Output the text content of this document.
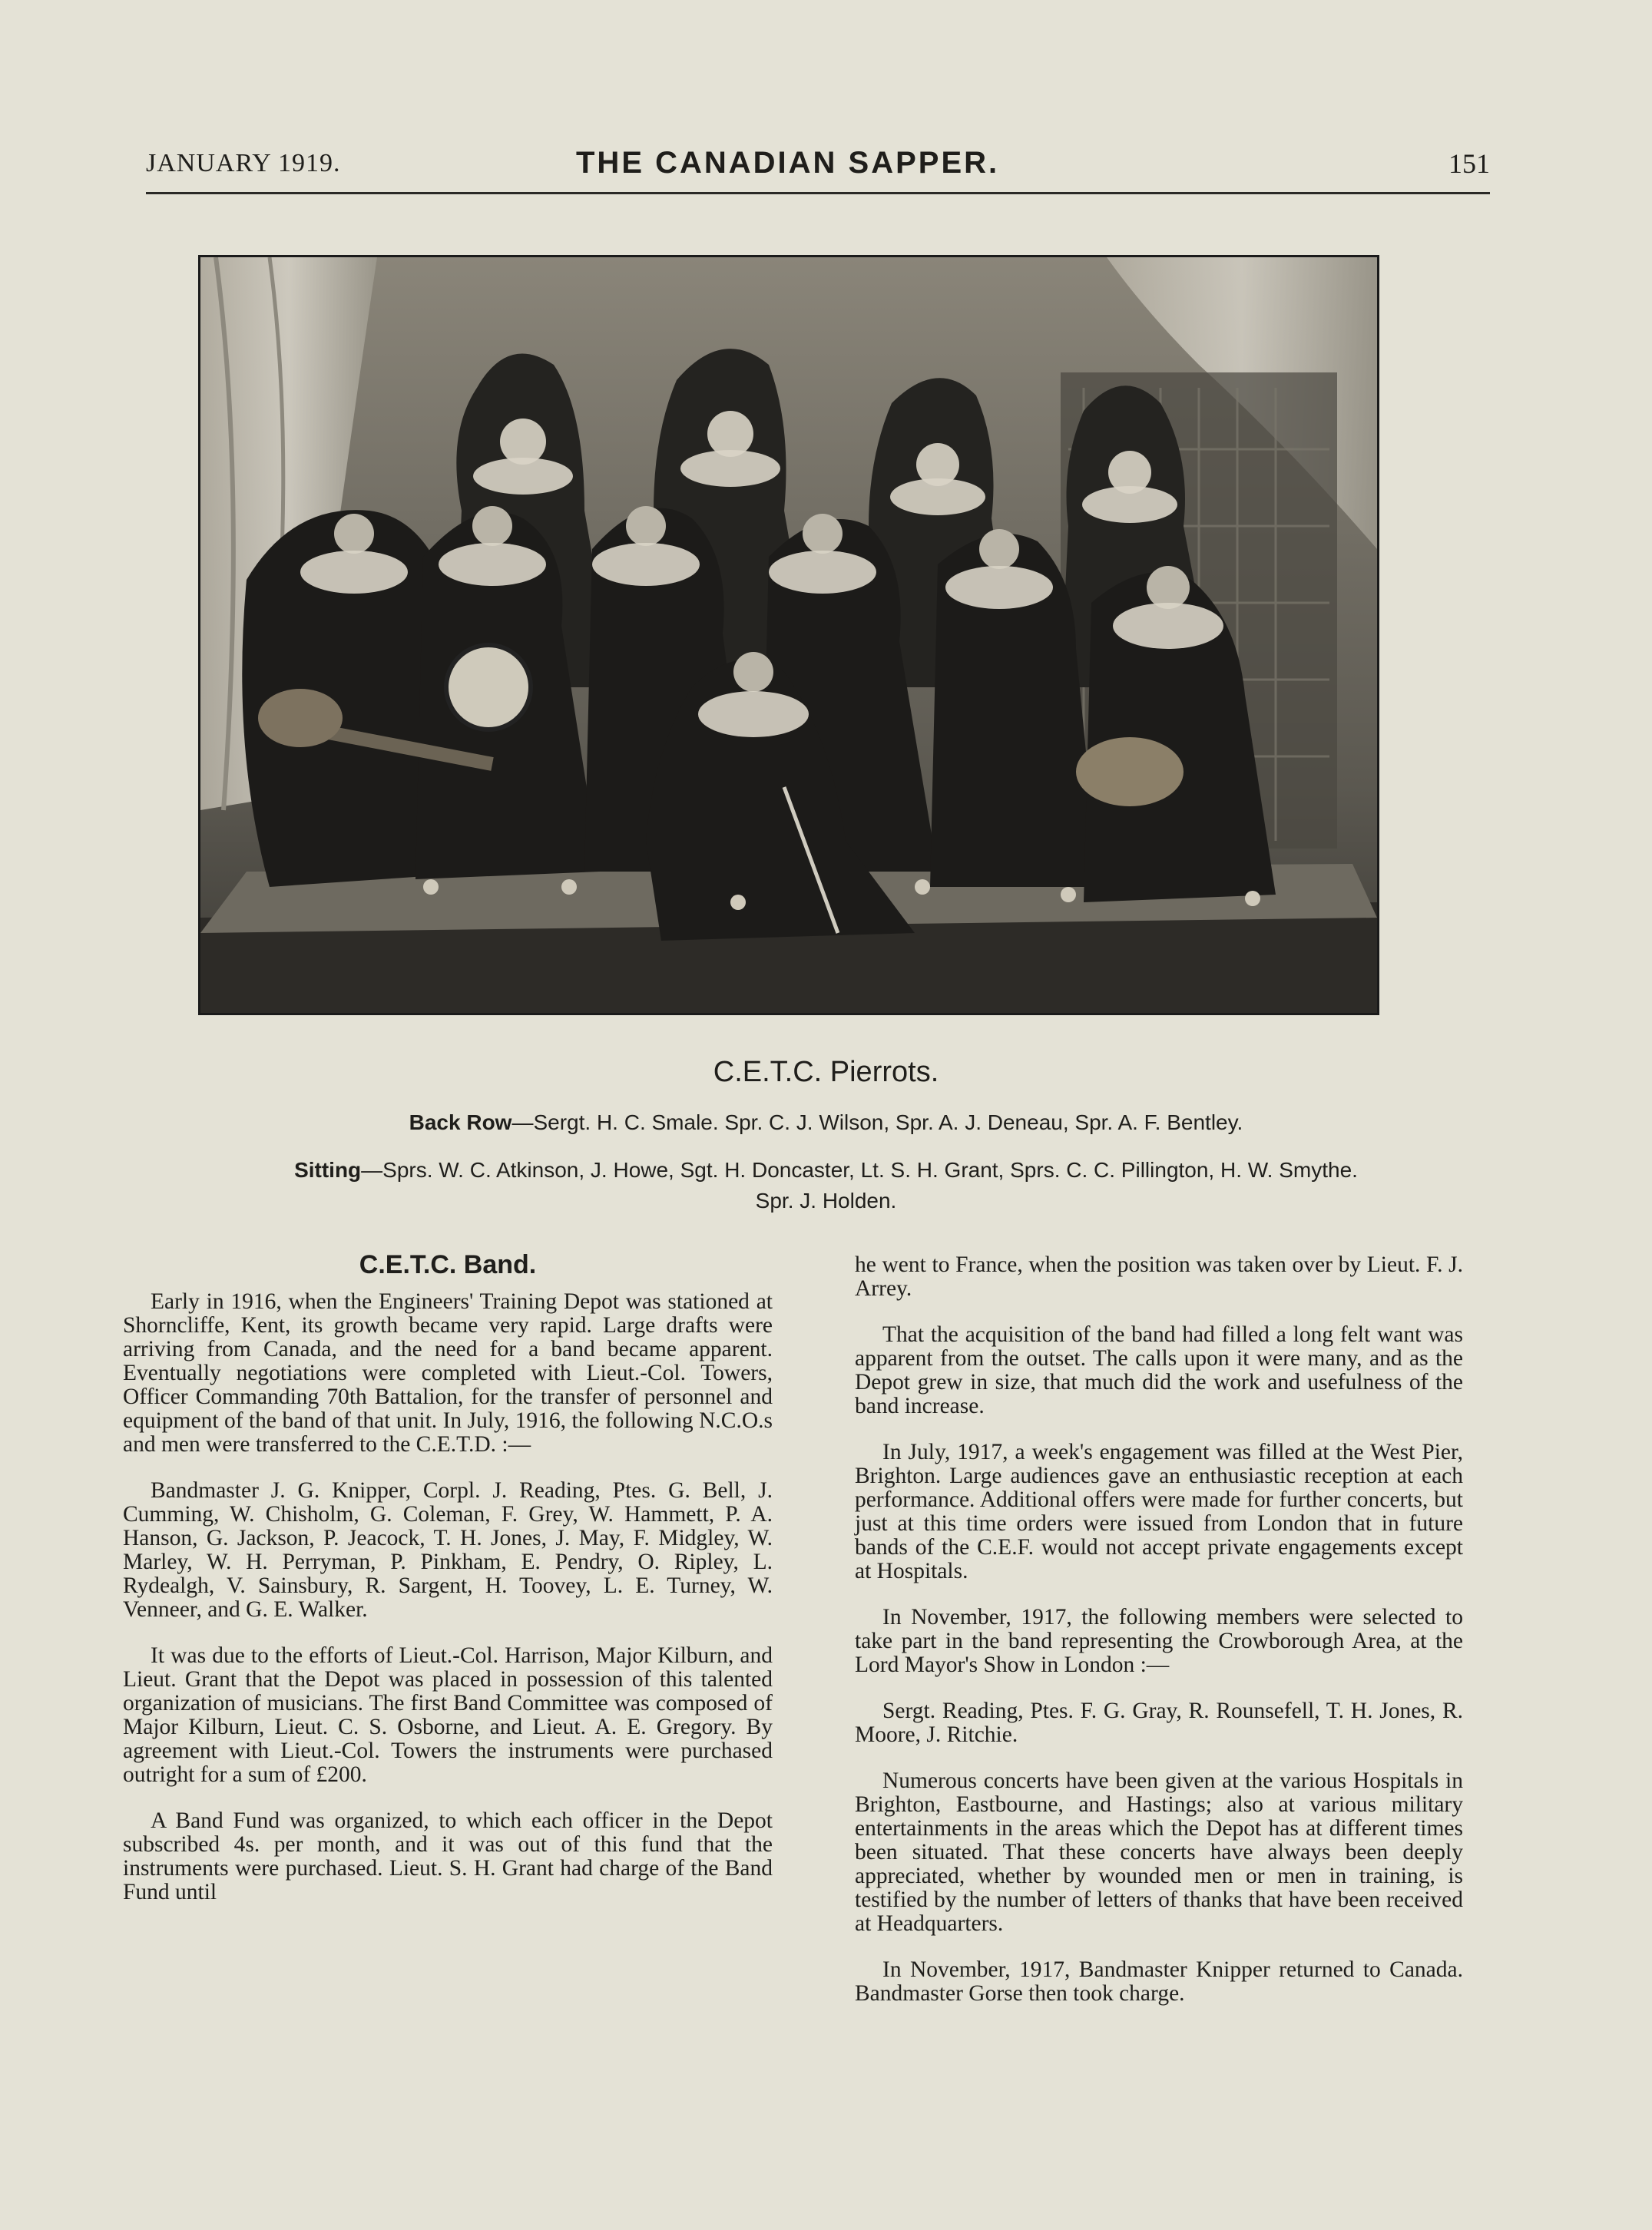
JANUARY 1919.	THE CANADIAN SAPPER.	151
C.E.T.C. Pierrots.
Back Row—Sergt. H. C. Smale. Spr. C. J. Wilson, Spr. A. J. Deneau, Spr. A. F. Bentley.
Sitting—Sprs. W. C. Atkinson, J. Howe, Sgt. H. Doncaster, Lt. S. H. Grant, Sprs. C. C. Pillington, H. W. Smythe.
Spr. J. Holden.
C.E.T.C. Band.

Early in 1916, when the Engineers' Training Depot was stationed at Shorncliffe, Kent, its growth became very rapid. Large drafts were arriving from Canada, and the need for a band became apparent. Eventually negotiations were completed with Lieut.-Col. Towers, Officer Commanding 70th Battalion, for the transfer of personnel and equipment of the band of that unit. In July, 1916, the following N.C.O.s and men were transferred to the C.E.T.D. :—

Bandmaster J. G. Knipper, Corpl. J. Reading, Ptes. G. Bell, J. Cumming, W. Chisholm, G. Coleman, F. Grey, W. Hammett, P. A. Hanson, G. Jackson, P. Jeacock, T. H. Jones, J. May, F. Midgley, W. Marley, W. H. Perryman, P. Pinkham, E. Pendry, O. Ripley, L. Rydealgh, V. Sainsbury, R. Sargent, H. Toovey, L. E. Turney, W. Venneer, and G. E. Walker.

It was due to the efforts of Lieut.-Col. Harrison, Major Kilburn, and Lieut. Grant that the Depot was placed in possession of this talented organization of musicians. The first Band Committee was composed of Major Kilburn, Lieut. C. S. Osborne, and Lieut. A. E. Gregory. By agreement with Lieut.-Col. Towers the instruments were purchased outright for a sum of £200.

A Band Fund was organized, to which each officer in the Depot subscribed 4s. per month, and it was out of this fund that the instruments were purchased. Lieut. S. H. Grant had charge of the Band Fund until

he went to France, when the position was taken over by Lieut. F. J. Arrey.

That the acquisition of the band had filled a long felt want was apparent from the outset. The calls upon it were many, and as the Depot grew in size, that much did the work and usefulness of the band increase.

In July, 1917, a week's engagement was filled at the West Pier, Brighton. Large audiences gave an enthusiastic reception at each performance. Additional offers were made for further concerts, but just at this time orders were issued from London that in future bands of the C.E.F. would not accept private engagements except at Hospitals.

In November, 1917, the following members were selected to take part in the band representing the Crowborough Area, at the Lord Mayor's Show in London :—

Sergt. Reading, Ptes. F. G. Gray, R. Rounsefell, T. H. Jones, R. Moore, J. Ritchie.

Numerous concerts have been given at the various Hospitals in Brighton, Eastbourne, and Hastings; also at various military entertainments in the areas which the Depot has at different times been situated. That these concerts have always been deeply appreciated, whether by wounded men or men in training, is testified by the number of letters of thanks that have been received at Headquarters.

In November, 1917, Bandmaster Knipper returned to Canada. Bandmaster Gorse then took charge.
